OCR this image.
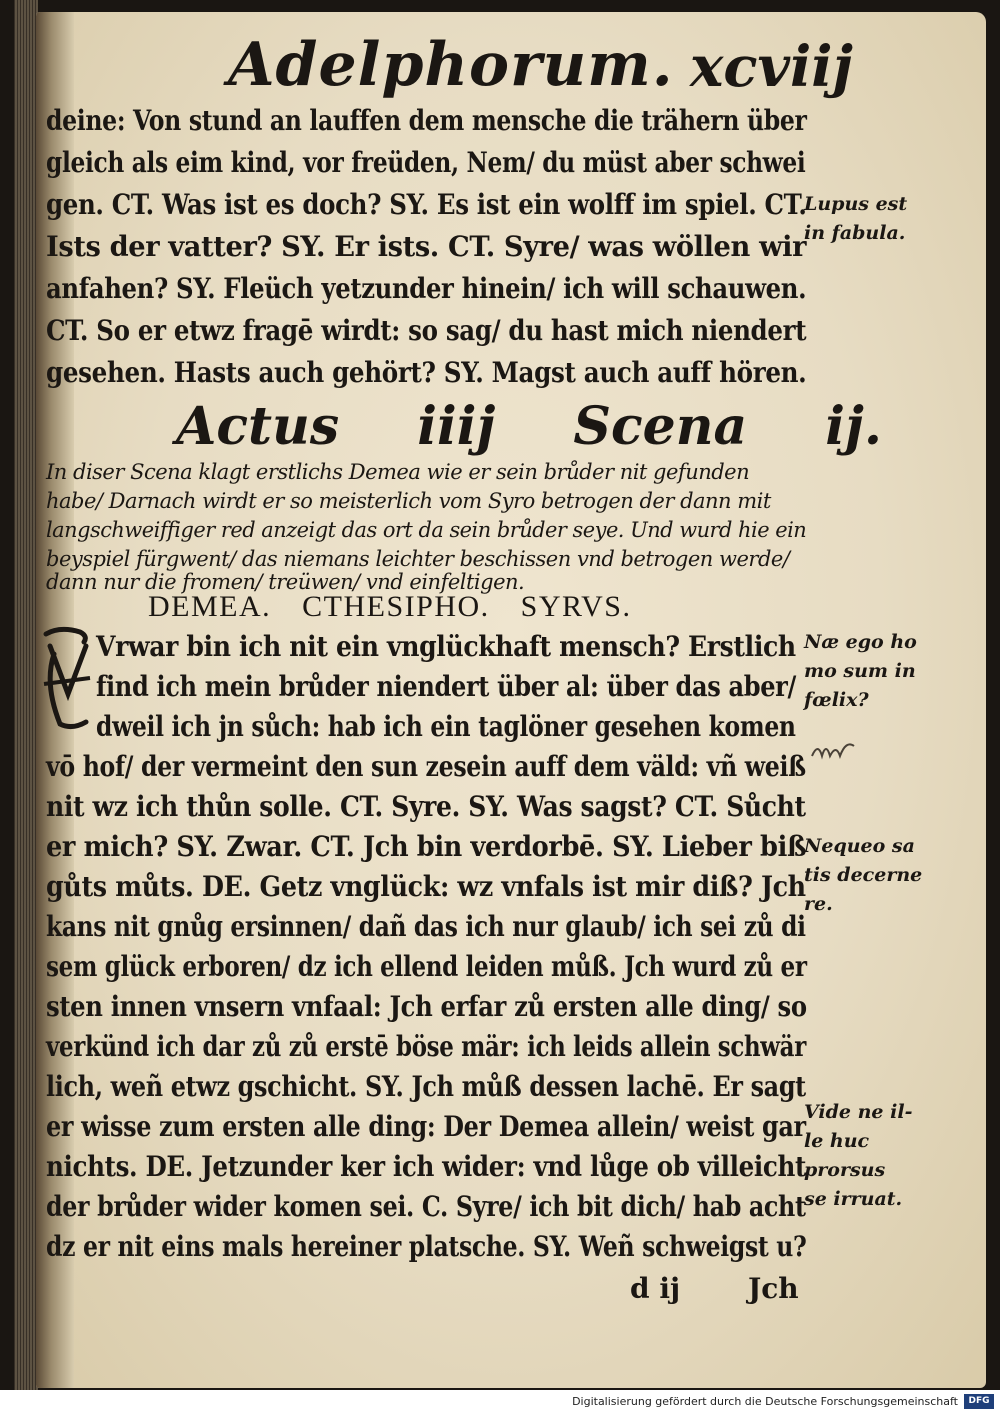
Adelphorum. xcviij
deine: Von stund an lauffen dem mensche die trähern über
gleich als eim kind, vor freüden, Nem/ du müst aber schwei
gen. CT. Was ist es doch? SY. Es ist ein wolff im spiel. CT.
Ists der vatter? SY. Er ists. CT. Syre/ was wöllen wir
anfahen? SY. Fleüch yetzunder hinein/ ich will schauwen.
CT. So er etwz fragē wirdt: so sag/ du hast mich niendert
gesehen. Hasts auch gehört? SY. Magst auch auff hören.
Actus iiij Scena ij.
In diser Scena klagt erstlichs Demea wie er sein brůder nit gefunden
habe/ Darnach wirdt er so meisterlich vom Syro betrogen der dann mit
langschweiffiger red anzeigt das ort da sein brůder seye. Und wurd hie ein
beyspiel fürgwent/ das niemans leichter beschissen vnd betrogen werde/
dann nur die fromen/ treüwen/ vnd einfeltigen.
DEMEA. CTHESIPHO. SYRVS.
Vrwar bin ich nit ein vnglückhaft mensch? Erstlich
find ich mein brůder niendert über al: über das aber/
dweil ich jn sůch: hab ich ein taglöner gesehen komen
vō hof/ der vermeint den sun zesein auff dem väld: vñ weiß
nit wz ich thůn solle. CT. Syre. SY. Was sagst? CT. Sůcht
er mich? SY. Zwar. CT. Jch bin verdorbē. SY. Lieber biß
gůts můts. DE. Getz vnglück: wz vnfals ist mir diß? Jch
kans nit gnůg ersinnen/ dañ das ich nur glaub/ ich sei zů di
sem glück erboren/ dz ich ellend leiden můß. Jch wurd zů er
sten innen vnsern vnfaal: Jch erfar zů ersten alle ding/ so
verkünd ich dar zů zů erstē böse mär: ich leids allein schwär
lich, weñ etwz gschicht. SY. Jch můß dessen lachē. Er sagt
er wisse zum ersten alle ding: Der Demea allein/ weist gar
nichts. DE. Jetzunder ker ich wider: vnd lůge ob villeicht
der brůder wider komen sei. C. Syre/ ich bit dich/ hab acht
dz er nit eins mals hereiner platsche. SY. Weñ schweigst u?
d ij Jch
Lupus est
in fabula.
Næ ego ho
mo sum in
fœlix?
Nequeo sa
tis decerne
re.
Vide ne il-
le huc
prorsus
se irruat.
Digitalisierung gefördert durch die Deutsche Forschungsgemeinschaft	DFG
